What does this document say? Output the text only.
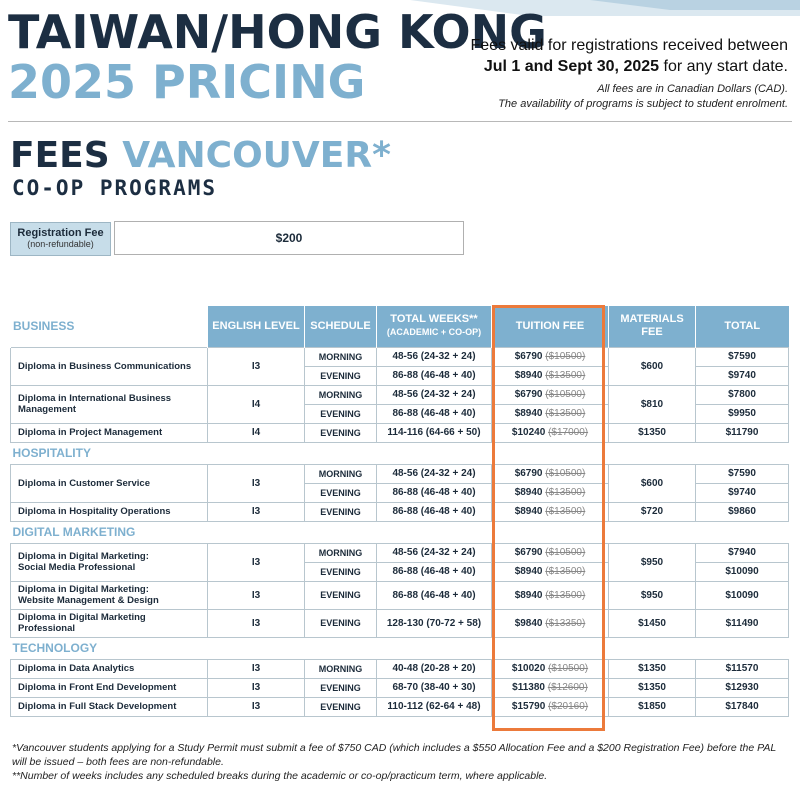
TAIWAN/HONG KONG
2025 PRICING
Fees valid for registrations received between
Jul 1 and Sept 30, 2025 for any start date.
All fees are in Canadian Dollars (CAD).
The availability of programs is subject to student enrolment.
FEES VANCOUVER*
CO-OP PROGRAMS
Registration Fee
(non-refundable)	$200
BUSINESS	ENGLISH LEVEL	SCHEDULE	TOTAL WEEKS**
(ACADEMIC + CO-OP)	TUITION FEE	MATERIALS FEE	TOTAL
Diploma in Business Communications	I3	MORNING	48-56 (24-32 + 24)	$6790 ($10500)	$600	$7590
		EVENING	86-88 (46-48 + 40)	$8940 ($13500)		$9740
Diploma in International Business Management	I4	MORNING	48-56 (24-32 + 24)	$6790 ($10500)	$810	$7800
		EVENING	86-88 (46-48 + 40)	$8940 ($13500)		$9950
Diploma in Project Management	I4	EVENING	114-116 (64-66 + 50)	$10240 ($17000)	$1350	$11790
HOSPITALITY						
Diploma in Customer Service	I3	MORNING	48-56 (24-32 + 24)	$6790 ($10500)	$600	$7590
		EVENING	86-88 (46-48 + 40)	$8940 ($13500)		$9740
Diploma in Hospitality Operations	I3	EVENING	86-88 (46-48 + 40)	$8940 ($13500)	$720	$9860
DIGITAL MARKETING						
Diploma in Digital Marketing:
Social Media Professional	I3	MORNING	48-56 (24-32 + 24)	$6790 ($10500)	$950	$7940
		EVENING	86-88 (46-48 + 40)	$8940 ($13500)		$10090
Diploma in Digital Marketing:
Website Management & Design	I3	EVENING	86-88 (46-48 + 40)	$8940 ($13500)	$950	$10090
Diploma in Digital Marketing
Professional	I3	EVENING	128-130 (70-72 + 58)	$9840 ($13350)	$1450	$11490
TECHNOLOGY						
Diploma in Data Analytics	I3	MORNING	40-48 (20-28 + 20)	$10020 ($10500)	$1350	$11570
Diploma in Front End Development	I3	EVENING	68-70 (38-40 + 30)	$11380 ($12600)	$1350	$12930
Diploma in Full Stack Development	I3	EVENING	110-112 (62-64 + 48)	$15790 ($20160)	$1850	$17840
*Vancouver students applying for a Study Permit must submit a fee of $750 CAD (which includes a $550 Allocation Fee and a $200 Registration Fee) before the PAL will be issued – both fees are non-refundable.
**Number of weeks includes any scheduled breaks during the academic or co-op/practicum term, where applicable.
